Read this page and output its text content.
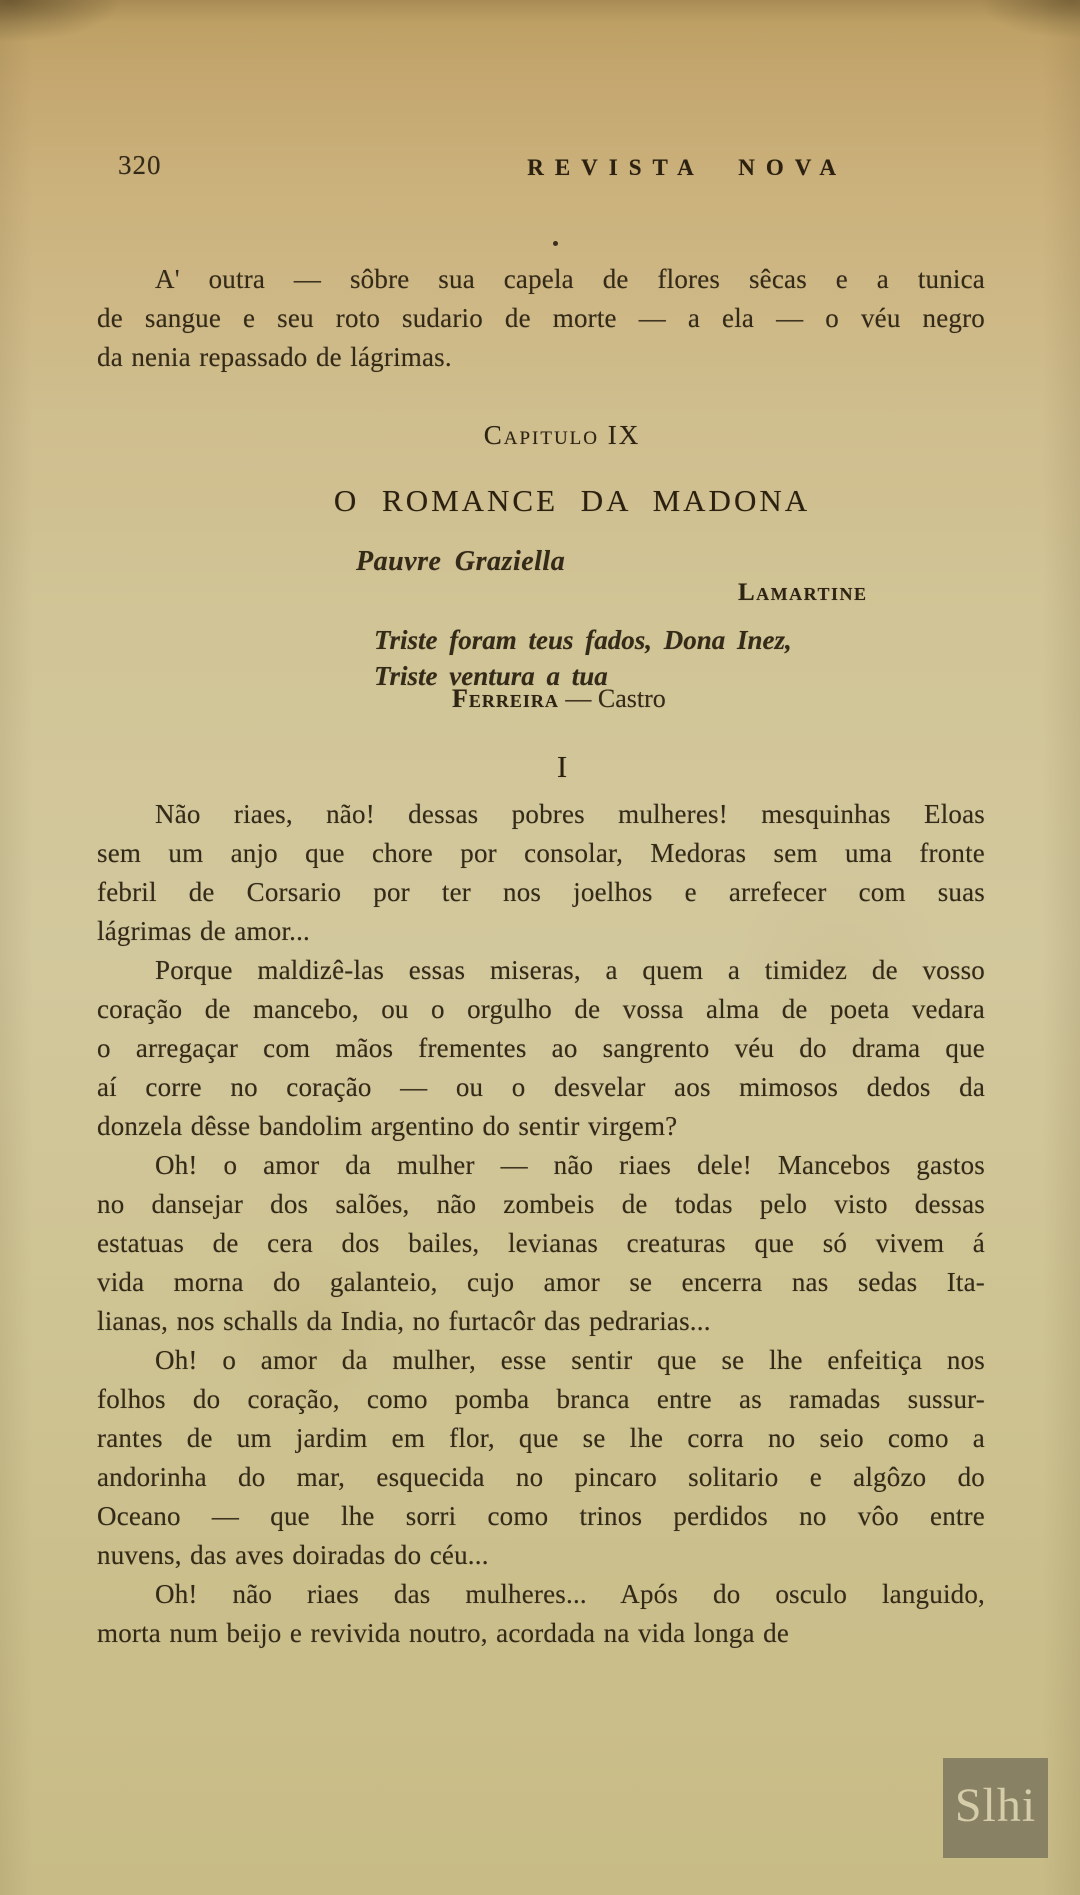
320	REVISTA NOVA
A' outra — sôbre sua capela de flores sêcas e a tunica
de sangue e seu roto sudario de morte — a ela — o véu negro
da nenia repassado de lágrimas.
Capitulo IX
O ROMANCE DA MADONA
Pauvre Graziella
Lamartine
Triste foram teus fados, Dona Inez,
Triste ventura a tua
Ferreira — Castro
I
Não riaes, não! dessas pobres mulheres! mesquinhas Eloas
sem um anjo que chore por consolar, Medoras sem uma fronte
febril de Corsario por ter nos joelhos e arrefecer com suas
lágrimas de amor...
Porque maldizê-las essas miseras, a quem a timidez de vosso
coração de mancebo, ou o orgulho de vossa alma de poeta vedara
o arregaçar com mãos frementes ao sangrento véu do drama que
aí corre no coração — ou o desvelar aos mimosos dedos da
donzela dêsse bandolim argentino do sentir virgem?
Oh! o amor da mulher — não riaes dele! Mancebos gastos
no dansejar dos salões, não zombeis de todas pelo visto dessas
estatuas de cera dos bailes, levianas creaturas que só vivem á
vida morna do galanteio, cujo amor se encerra nas sedas Ita-
lianas, nos schalls da India, no furtacôr das pedrarias...
Oh! o amor da mulher, esse sentir que se lhe enfeitiça nos
folhos do coração, como pomba branca entre as ramadas sussur-
rantes de um jardim em flor, que se lhe corra no seio como a
andorinha do mar, esquecida no pincaro solitario e algôzo do
Oceano — que lhe sorri como trinos perdidos no vôo entre
nuvens, das aves doiradas do céu...
Oh! não riaes das mulheres... Após do osculo languido,
morta num beijo e revivida noutro, acordada na vida longa de
Slhi
